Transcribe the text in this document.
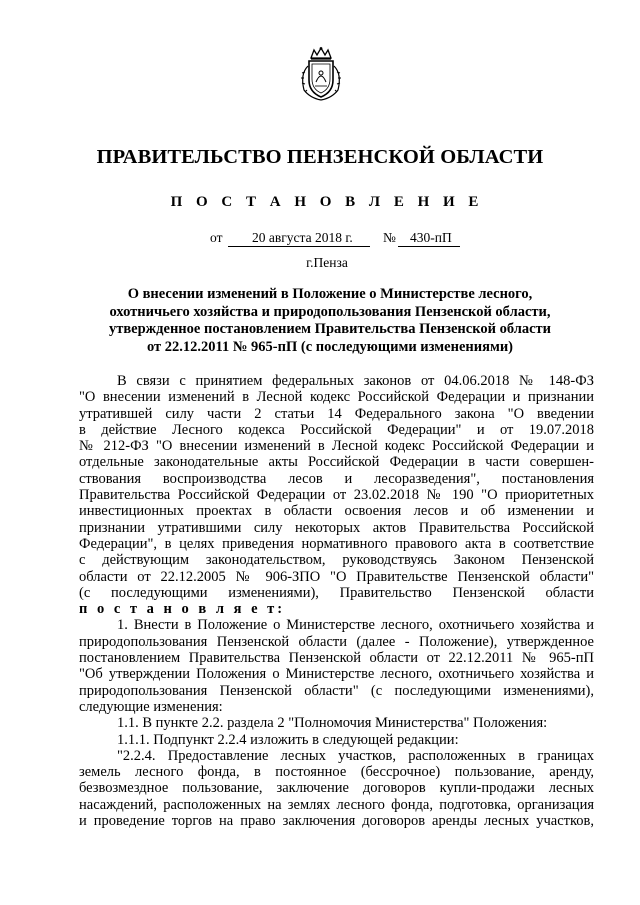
ПРАВИТЕЛЬСТВО ПЕНЗЕНСКОЙ ОБЛАСТИ
П О С Т А Н О В Л Е Н И Е
от 20 августа 2018 г. № 430-пП
г.Пенза
О внесении изменений в Положение о Министерстве лесного,
охотничьего хозяйства и природопользования Пензенской области,
утвержденное постановлением Правительства Пензенской области
от 22.12.2011 № 965-пП (с последующими изменениями)
В связи с принятием федеральных законов от 04.06.2018 № 148-ФЗ
"О внесении изменений в Лесной кодекс Российской Федерации и признании
утратившей силу части 2 статьи 14 Федерального закона "О введении
в действие Лесного кодекса Российской Федерации" и от 19.07.2018
№ 212-ФЗ "О внесении изменений в Лесной кодекс Российской Федерации и
отдельные законодательные акты Российской Федерации в части совершен-
ствования воспроизводства лесов и лесоразведения", постановления
Правительства Российской Федерации от 23.02.2018 № 190 "О приоритетных
инвестиционных проектах в области освоения лесов и об изменении и
признании утратившими силу некоторых актов Правительства Российской
Федерации", в целях приведения нормативного правового акта в соответствие
с действующим законодательством, руководствуясь Законом Пензенской
области от 22.12.2005 № 906-ЗПО "О Правительстве Пензенской области"
(с последующими изменениями), Правительство Пензенской области
п о с т а н о в л я е т:
1. Внести в Положение о Министерстве лесного, охотничьего хозяйства и
природопользования Пензенской области (далее - Положение), утвержденное
постановлением Правительства Пензенской области от 22.12.2011 № 965-пП
"Об утверждении Положения о Министерстве лесного, охотничьего хозяйства и
природопользования Пензенской области" (с последующими изменениями),
следующие изменения:
1.1. В пункте 2.2. раздела 2 "Полномочия Министерства" Положения:
1.1.1. Подпункт 2.2.4 изложить в следующей редакции:
"2.2.4. Предоставление лесных участков, расположенных в границах
земель лесного фонда, в постоянное (бессрочное) пользование, аренду,
безвозмездное пользование, заключение договоров купли-продажи лесных
насаждений, расположенных на землях лесного фонда, подготовка, организация
и проведение торгов на право заключения договоров аренды лесных участков,
